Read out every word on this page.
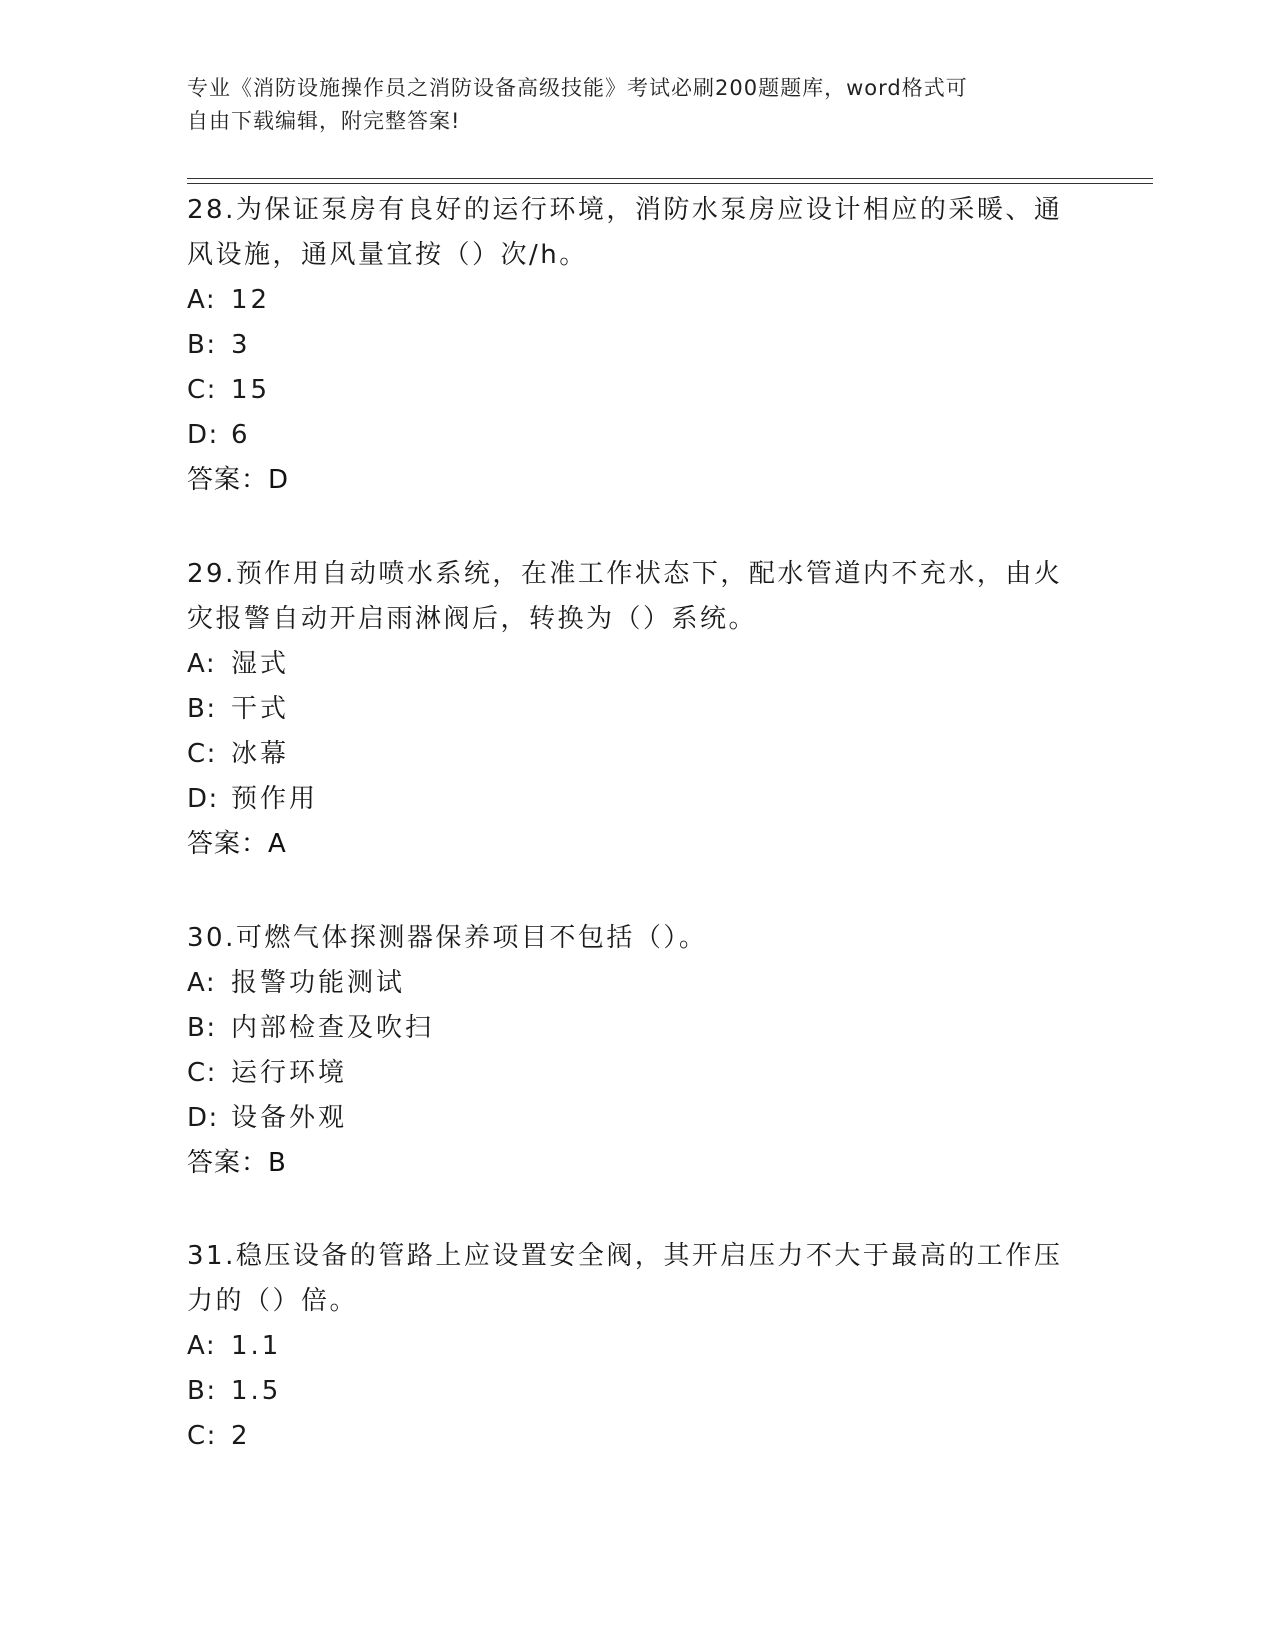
专业《消防设施操作员之消防设备高级技能》考试必刷200题题库，word格式可
自由下载编辑，附完整答案!

28.为保证泵房有良好的运行环境，消防水泵房应设计相应的采暖、通

风设施，通风量宜按（）次/h。

A: 12

B: 3

C: 15

D: 6

答案：D

29.预作用自动喷水系统，在准工作状态下，配水管道内不充水，由火

灾报警自动开启雨淋阀后，转换为（）系统。

A: 湿式

B: 干式

C: 冰幕

D: 预作用

答案：A

30.可燃气体探测器保养项目不包括（）。

A: 报警功能测试

B: 内部检查及吹扫

C: 运行环境

D: 设备外观

答案：B

31.稳压设备的管路上应设置安全阀，其开启压力不大于最高的工作压

力的（）倍。

A: 1.1

B: 1.5

C: 2
